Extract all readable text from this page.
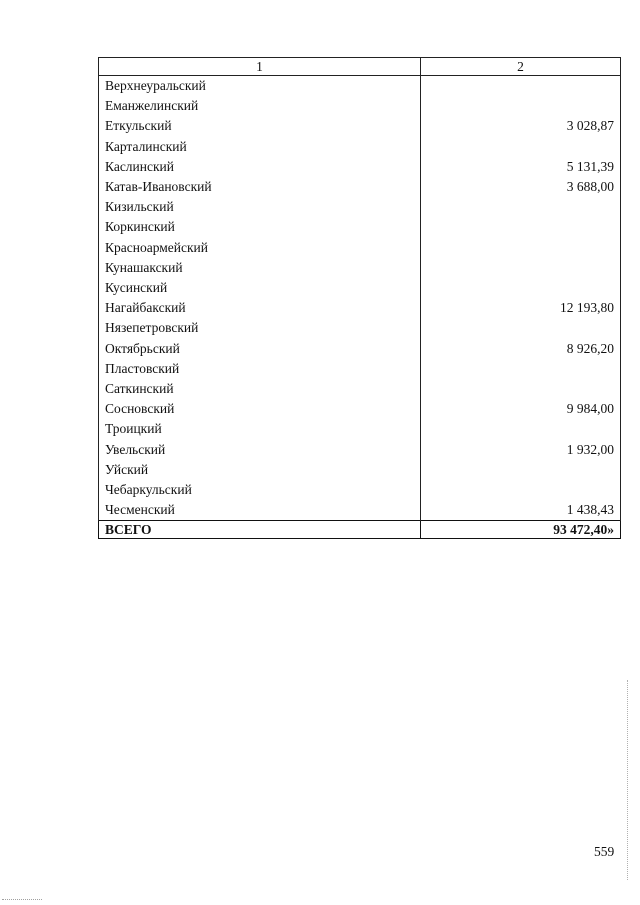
1	2
Верхнеуральский	
Еманжелинский	
Еткульский	3 028,87
Карталинский	
Каслинский	5 131,39
Катав-Ивановский	3 688,00
Кизильский	
Коркинский	
Красноармейский	
Кунашакский	
Кусинский	
Нагайбакский	12 193,80
Нязепетровский	
Октябрьский	8 926,20
Пластовский	
Саткинский	
Сосновский	9 984,00
Троицкий	
Увельский	1 932,00
Уйский	
Чебаркульский	
Чесменский	1 438,43
ВСЕГО	93 472,40»
559
